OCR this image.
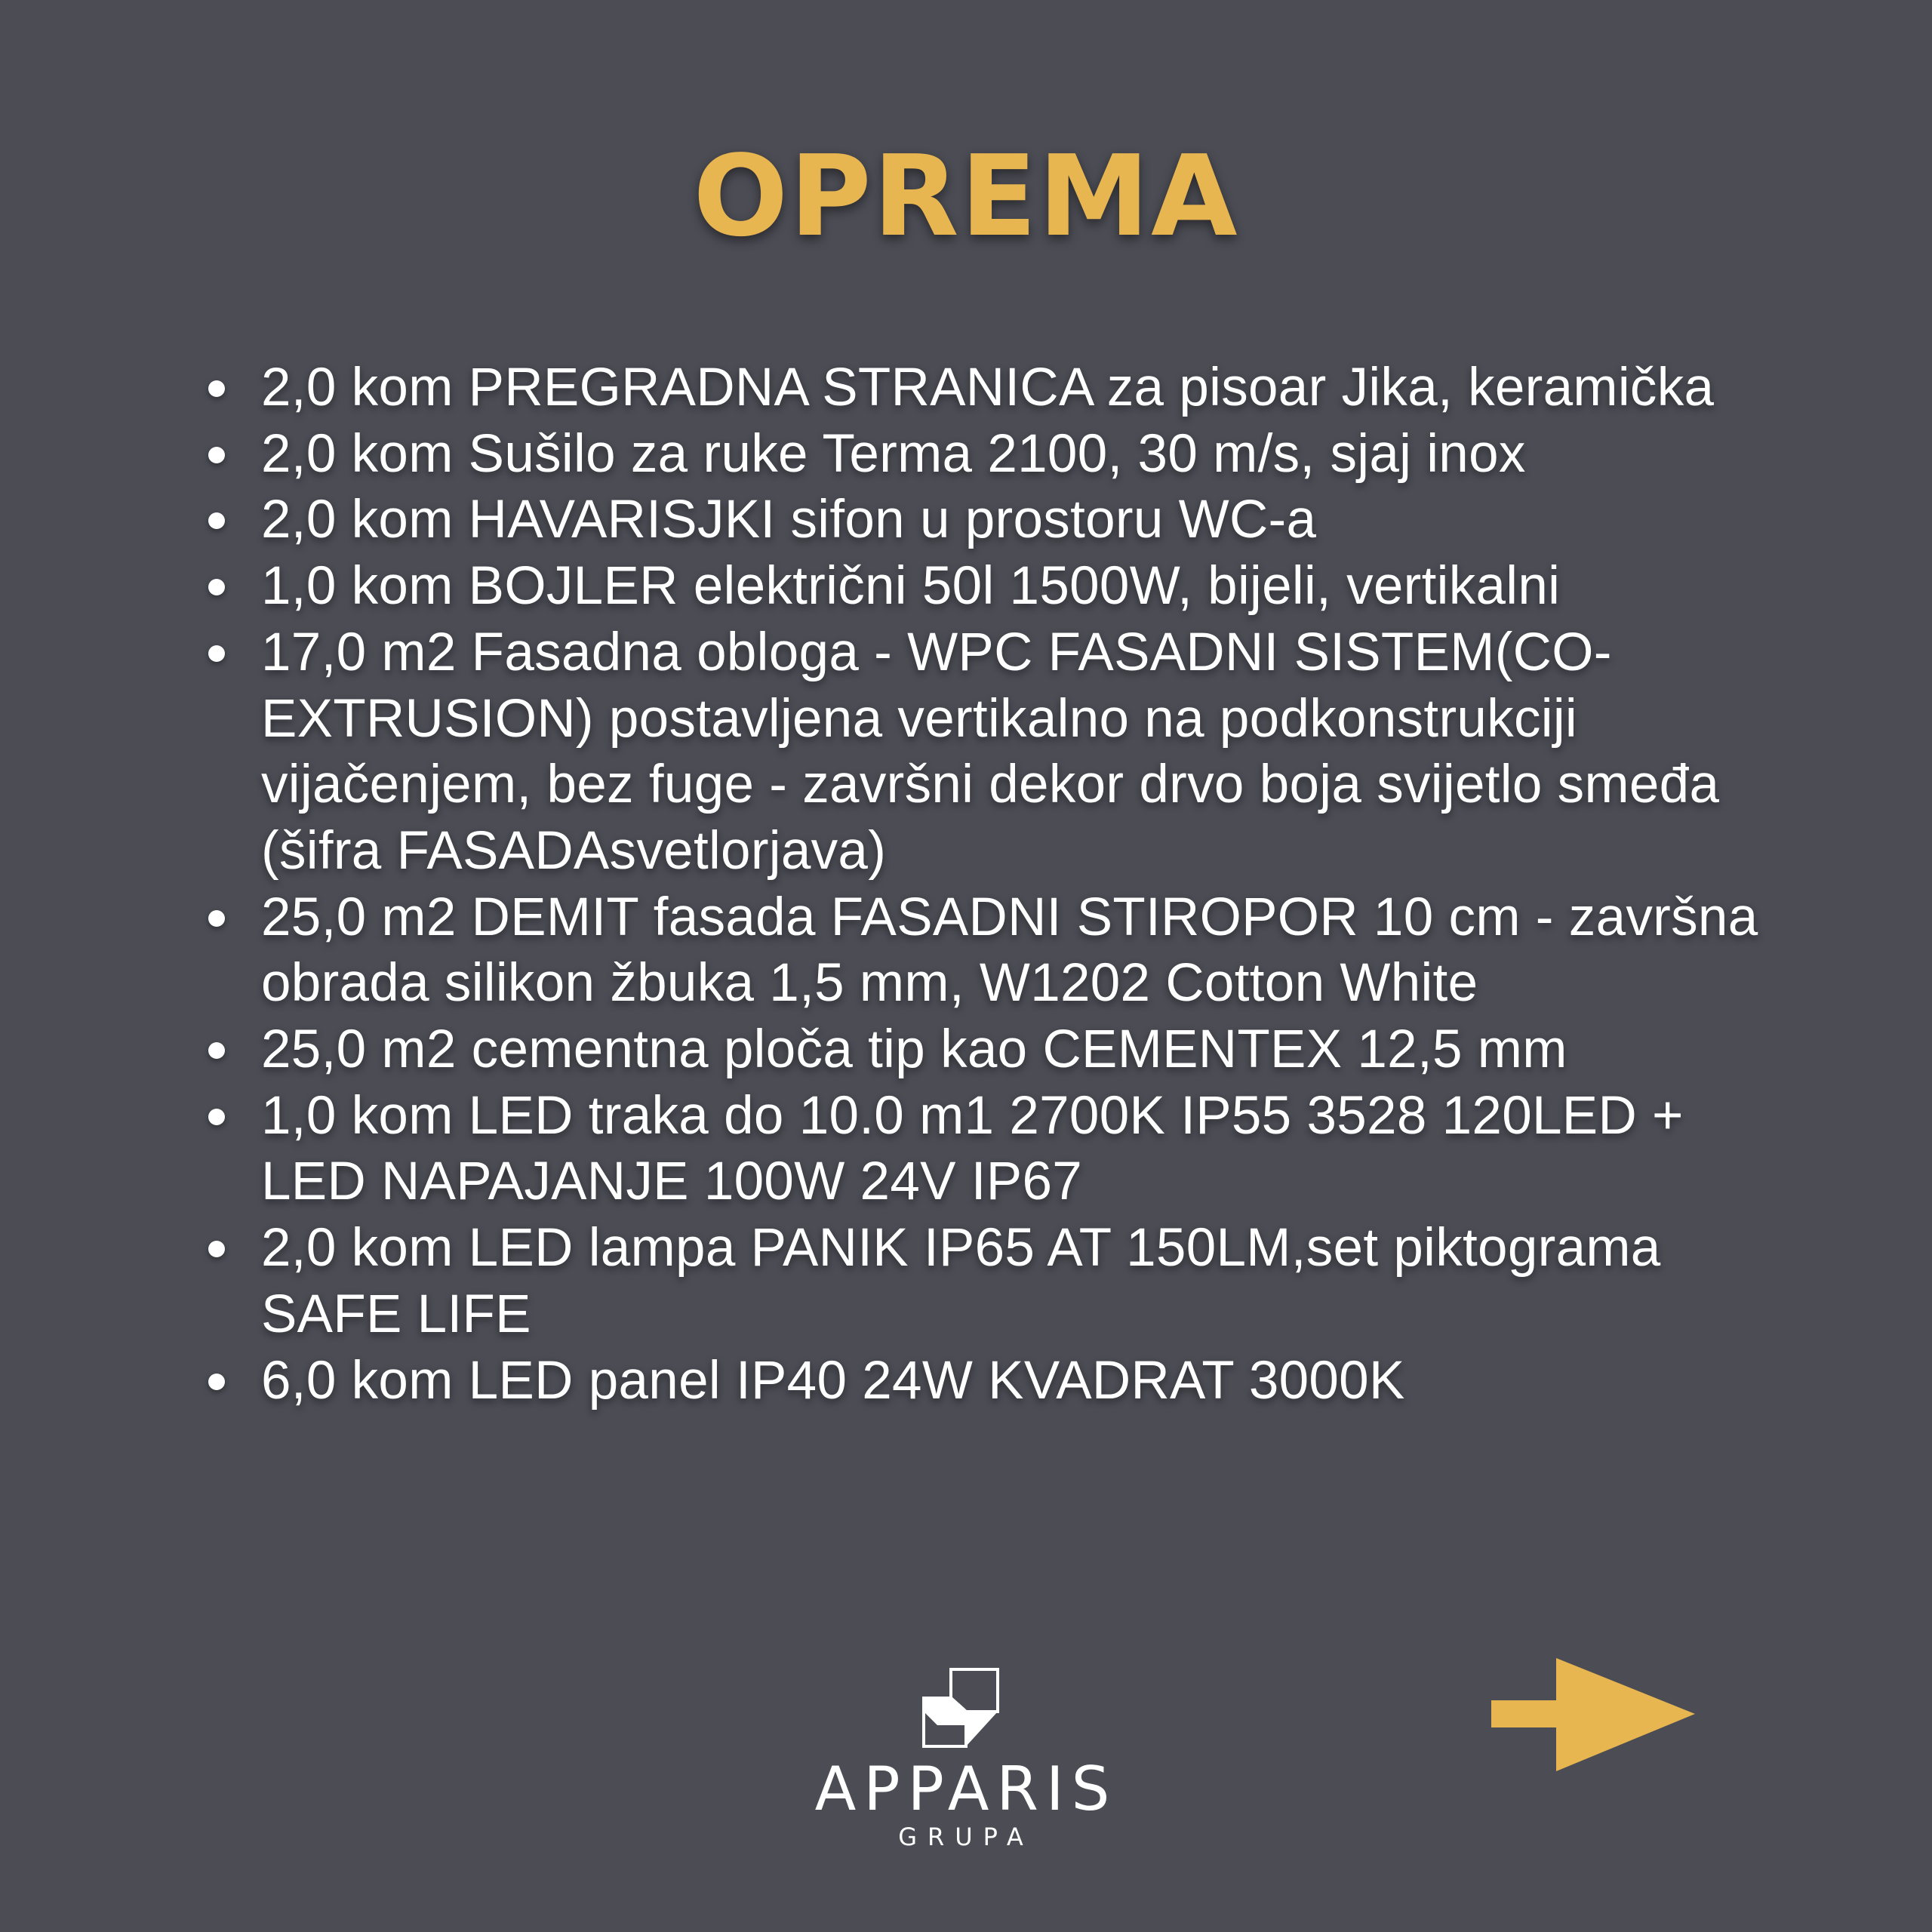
OPREMA
2,0 kom PREGRADNA STRANICA za pisoar Jika, keramička
2,0 kom Sušilo za ruke Terma 2100, 30 m/s, sjaj inox
2,0 kom HAVARISJKI sifon u prostoru WC-a
1,0 kom BOJLER električni 50l 1500W, bijeli, vertikalni
17,0 m2 Fasadna obloga - WPC FASADNI SISTEM(CO-EXTRUSION) postavljena vertikalno na podkonstrukciji vijačenjem, bez fuge - završni dekor drvo boja svijetlo smeđa (šifra FASADAsvetlorjava)
25,0 m2 DEMIT fasada FASADNI STIROPOR 10 cm - završna obrada silikon žbuka 1,5 mm, W1202 Cotton White
25,0 m2 cementna ploča tip kao CEMENTEX 12,5 mm
1,0 kom LED traka do 10.0 m1 2700K IP55 3528 120LED + LED NAPAJANJE 100W 24V IP67
2,0 kom LED lampa PANIK IP65 AT 150LM,set piktograma SAFE LIFE
6,0 kom LED panel IP40 24W KVADRAT 3000K
APPARIS
GRUPA
